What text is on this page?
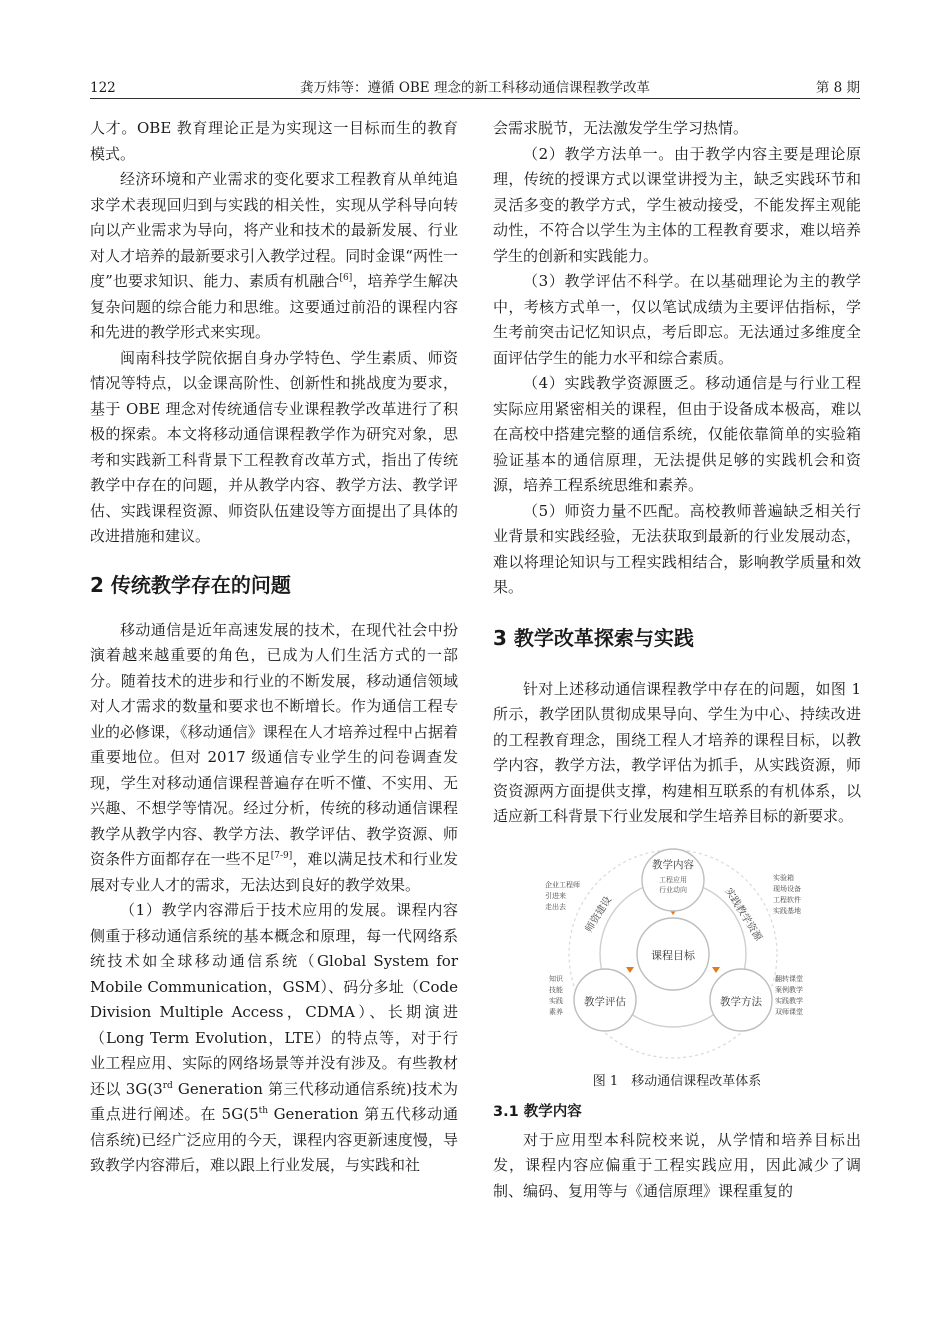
122	龚万炜等：遵循 OBE 理念的新工科移动通信课程教学改革	第 8 期

人才。OBE 教育理论正是为实现这一目标而生的教育模式。

经济环境和产业需求的变化要求工程教育从单纯追求学术表现回归到与实践的相关性，实现从学科导向转向以产业需求为导向，将产业和技术的最新发展、行业对人才培养的最新要求引入教学过程。同时金课“两性一度”也要求知识、能力、素质有机融合[6]，培养学生解决复杂问题的综合能力和思维。这要通过前沿的课程内容和先进的教学形式来实现。

闽南科技学院依据自身办学特色、学生素质、师资情况等特点，以金课高阶性、创新性和挑战度为要求，基于 OBE 理念对传统通信专业课程教学改革进行了积极的探索。本文将移动通信课程教学作为研究对象，思考和实践新工科背景下工程教育改革方式，指出了传统教学中存在的问题，并从教学内容、教学方法、教学评估、实践课程资源、师资队伍建设等方面提出了具体的改进措施和建议。

2 传统教学存在的问题

移动通信是近年高速发展的技术，在现代社会中扮演着越来越重要的角色，已成为人们生活方式的一部分。随着技术的进步和行业的不断发展，移动通信领域对人才需求的数量和要求也不断增长。作为通信工程专业的必修课，《移动通信》课程在人才培养过程中占据着重要地位。但对 2017 级通信专业学生的问卷调查发现，学生对移动通信课程普遍存在听不懂、不实用、无兴趣、不想学等情况。经过分析，传统的移动通信课程教学从教学内容、教学方法、教学评估、教学资源、师资条件方面都存在一些不足[7-9]，难以满足技术和行业发展对专业人才的需求，无法达到良好的教学效果。

（1）教学内容滞后于技术应用的发展。课程内容侧重于移动通信系统的基本概念和原理，每一代网络系统技术如全球移动通信系统（Global System for Mobile Communication，GSM）、码分多址（Code Division Multiple Access，CDMA）、长期演进（Long Term Evolution，LTE）的特点等，对于行业工程应用、实际的网络场景等并没有涉及。有些教材还以 3G(3rd Generation 第三代移动通信系统)技术为重点进行阐述。在 5G(5th Generation 第五代移动通信系统)已经广泛应用的今天，课程内容更新速度慢，导致教学内容滞后，难以跟上行业发展，与实践和社

会需求脱节，无法激发学生学习热情。

（2）教学方法单一。由于教学内容主要是理论原理，传统的授课方式以课堂讲授为主，缺乏实践环节和灵活多变的教学方式，学生被动接受，不能发挥主观能动性，不符合以学生为主体的工程教育要求，难以培养学生的创新和实践能力。

（3）教学评估不科学。在以基础理论为主的教学中，考核方式单一，仅以笔试成绩为主要评估指标，学生考前突击记忆知识点，考后即忘。无法通过多维度全面评估学生的能力水平和综合素质。

（4）实践教学资源匮乏。移动通信是与行业工程实际应用紧密相关的课程，但由于设备成本极高，难以在高校中搭建完整的通信系统，仅能依靠简单的实验箱验证基本的通信原理，无法提供足够的实践机会和资源，培养工程系统思维和素养。

（5）师资力量不匹配。高校教师普遍缺乏相关行业背景和实践经验，无法获取到最新的行业发展动态，难以将理论知识与工程实践相结合，影响教学质量和效果。

3 教学改革探索与实践

针对上述移动通信课程教学中存在的问题，如图 1 所示，教学团队贯彻成果导向、学生为中心、持续改进的工程教育理念，围绕工程人才培养的课程目标，以教学内容，教学方法，教学评估为抓手，从实践资源，师资资源两方面提供支撑，构建相互联系的有机体系，以适应新工科背景下行业发展和学生培养目标的新要求。

课程目标
教学内容
工程应用
行业动向
教学评估	教学方法
师资建设	实践教学资源
企业工程师
引进来
走出去
知识
技能
实践
素养
实验箱
现场设备
工程软件
实践基地
翻转课堂
案例教学
实践教学
双师课堂

图 1　移动通信课程改革体系

3.1 教学内容

对于应用型本科院校来说，从学情和培养目标出发，课程内容应偏重于工程实践应用，因此减少了调制、编码、复用等与《通信原理》课程重复的
